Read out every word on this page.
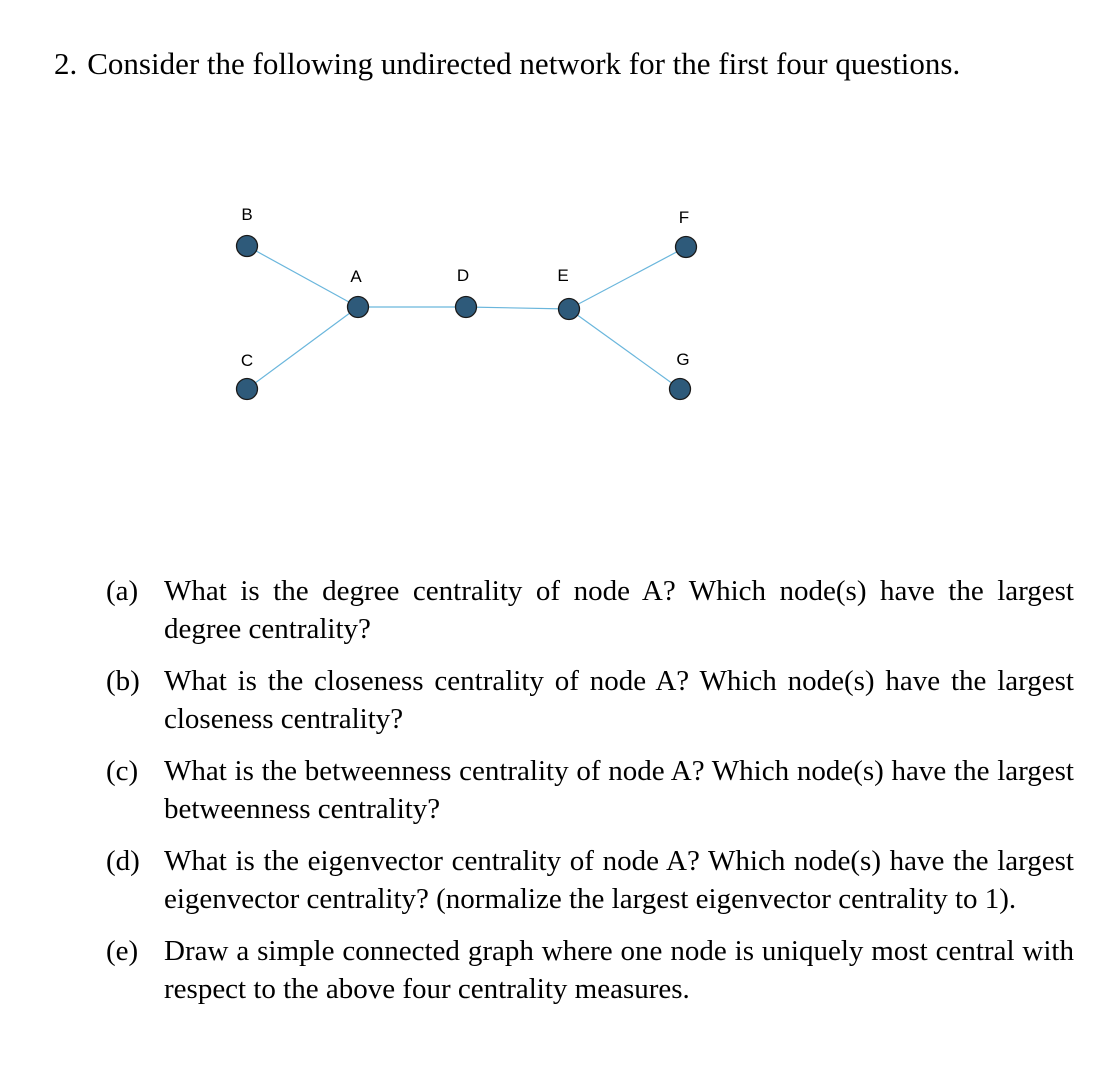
2. Consider the following undirected network for the first four questions.
B
C
A	D	E
F
G
(a) What is the degree centrality of node A? Which node(s) have the largest degree centrality?
(b) What is the closeness centrality of node A? Which node(s) have the largest closeness centrality?
(c) What is the betweenness centrality of node A? Which node(s) have the largest betweenness centrality?
(d) What is the eigenvector centrality of node A? Which node(s) have the largest eigenvector centrality? (normalize the largest eigenvector centrality to 1).
(e) Draw a simple connected graph where one node is uniquely most central with respect to the above four centrality measures.
